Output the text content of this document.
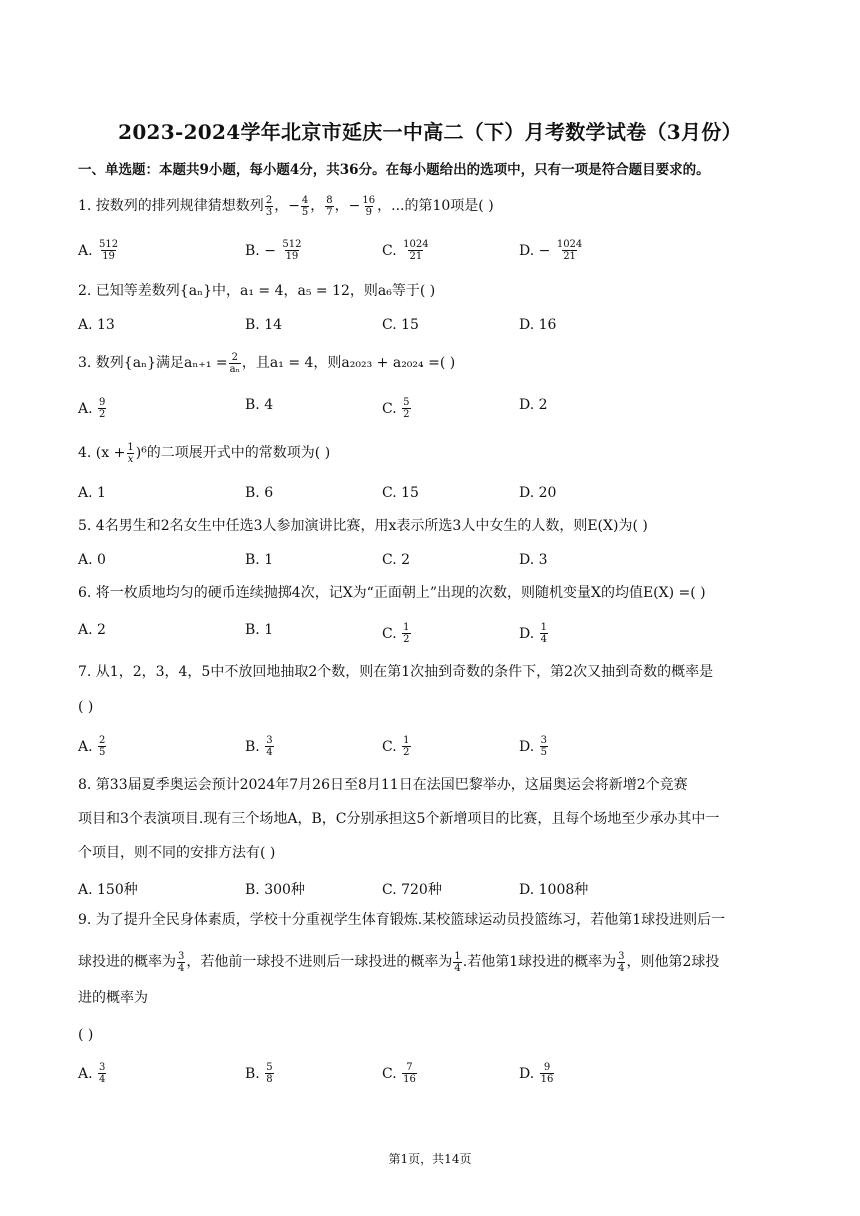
2023-2024学年北京市延庆一中高二（下）月考数学试卷（3月份）
一、单选题：本题共9小题，每小题4分，共36分。在每小题给出的选项中，只有一项是符合题目要求的。
1. 按数列的排列规律猜想数列 $\frac{2}{3}$ ，− $\frac{4}{5}$ ， $\frac{8}{7}$ ，− $\frac{16}{9}$ ，...的第10项是( )
A.
$\frac{512}{19}$	B.
−
$\frac{512}{19}$	C.
$\frac{1024}{21}$	D.
−
$\frac{1024}{21}$
2. 已知等差数列{aₙ}中，a₁ = 4，a₅ = 12，则a₆等于( )
A. 13	B. 14	C. 15	D. 16
3. 数列{aₙ}满足$a_{n+1} = \frac{2}{\text{aₙ}}$ ，且a₁ = 4，则a₂₀₂₃ + a₂₀₂₄ =( )
A.
$\frac{9}{2}$	B.
4	C.
$\frac{5}{2}$	D.
2
4. $(x + \frac{1}{x} )^6$的二项展开式中的常数项为( )
A. 1	B. 6	C. 15	D. 20
5. 4名男生和2名女生中任选3人参加演讲比赛，用x表示所选3人中女生的人数，则E(X)为( )
A. 0	B. 1	C. 2	D. 3
6. 将一枚质地均匀的硬币连续抛掷4次，记X为“正面朝上”出现的次数，则随机变量X的均值E(X) =( )
A.
2	B.
1	C.
$\frac{1}{2}$	D.
$\frac{1}{4}$
7. 从1，2，3，4，5中不放回地抽取2个数，则在第1次抽到奇数的条件下，第2次又抽到奇数的概率是
( )
A.
$\frac{2}{5}$	B.
$\frac{3}{4}$	C.
$\frac{1}{2}$	D.
$\frac{3}{5}$
8. 第33届夏季奥运会预计2024年7月26日至8月11日在法国巴黎举办，这届奥运会将新增2个竞赛
项目和3个表演项目.现有三个场地A，B，C分别承担这5个新增项目的比赛，且每个场地至少承办其中一
个项目，则不同的安排方法有( )
A. 150种	B. 300种	C. 720种	D. 1008种
9. 为了提升全民身体素质，学校十分重视学生体育锻炼.某校篮球运动员投篮练习，若他第1球投进则后一
球投进的概率为 $\frac{3}{4}$ ，若他前一球投不进则后一球投进的概率为 $\frac{1}{4}$ .若他第1球投进的概率为 $\frac{3}{4}$ ，则他第2球投
进的概率为
( )
A.
$\frac{3}{4}$	B.
$\frac{5}{8}$	C.
$\frac{7}{16}$	D.
$\frac{9}{16}$
第1页，共14页
